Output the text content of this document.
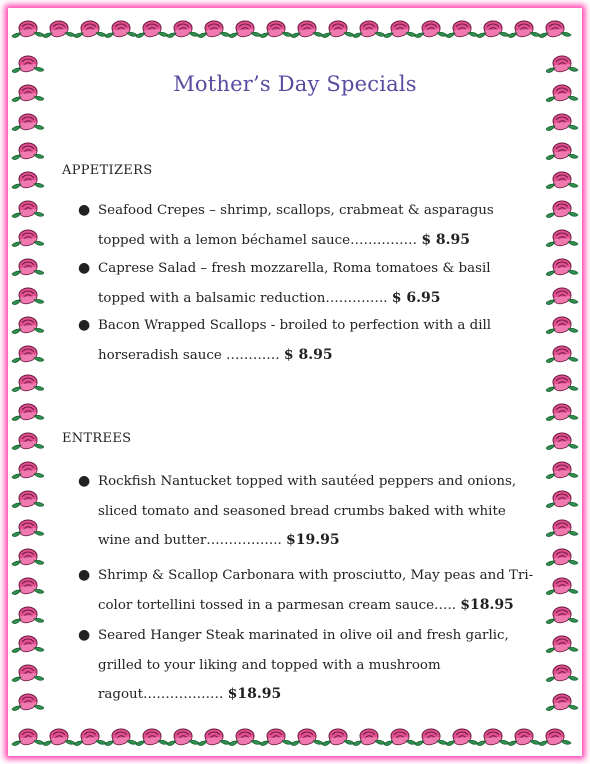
Mother’s Day Specials
APPETIZERS
● Seafood Crepes – shrimp, scallops, crabmeat & asparagus topped with a lemon béchamel sauce…………… $ 8.95
● Caprese Salad – fresh mozzarella, Roma tomatoes & basil topped with a balsamic reduction………….. $ 6.95
● Bacon Wrapped Scallops - broiled to perfection with a dill horseradish sauce ………… $ 8.95
ENTREES
● Rockfish Nantucket topped with sautéed peppers and onions, sliced tomato and seasoned bread crumbs baked with white wine and butter…………….. $19.95
● Shrimp & Scallop Carbonara with prosciutto, May peas and Tri-color tortellini tossed in a parmesan cream sauce….. $18.95
● Seared Hanger Steak marinated in olive oil and fresh garlic, grilled to your liking and topped with a mushroom ragout……………… $18.95
